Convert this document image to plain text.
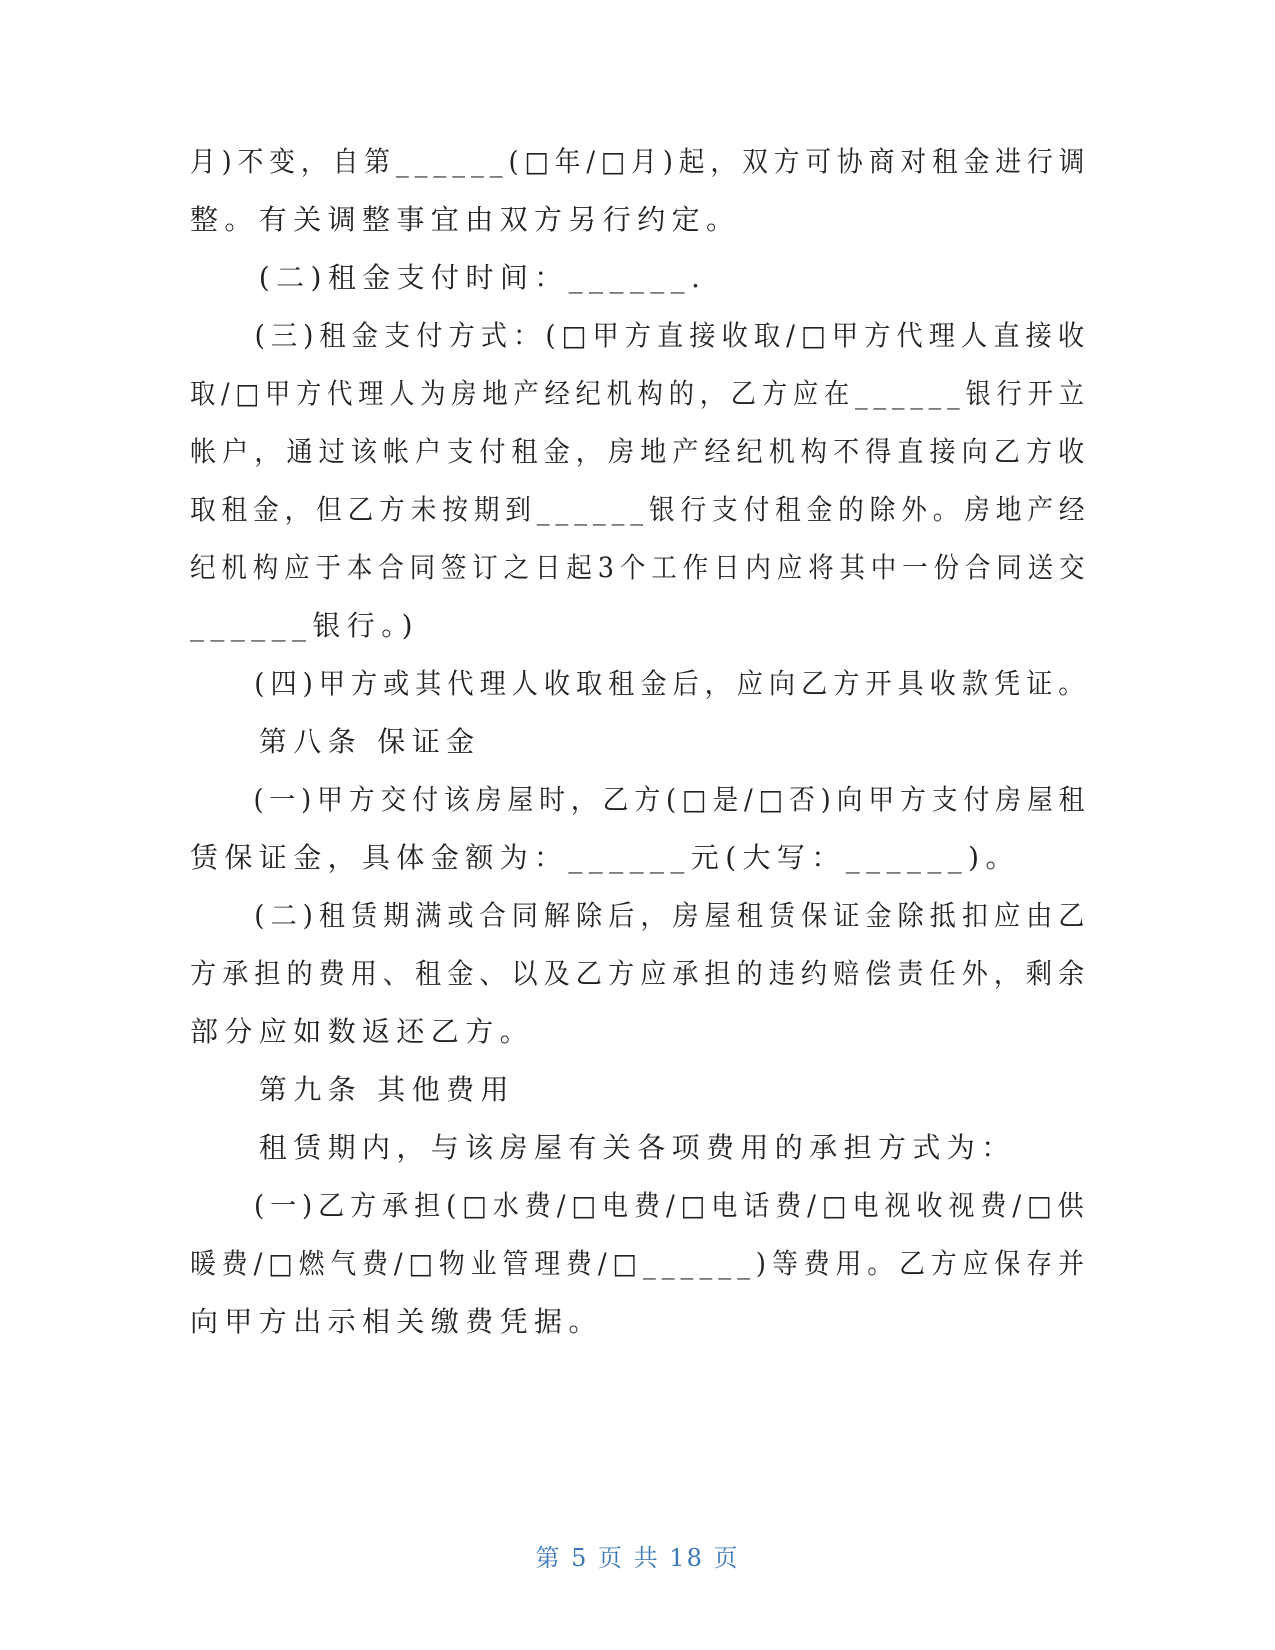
月)不变，自第______(□年/□月)起，双方可协商对租金进行调
整。有关调整事宜由双方另行约定。
　　(二)租金支付时间：______.
　　(三)租金支付方式：(□甲方直接收取/□甲方代理人直接收
取/□甲方代理人为房地产经纪机构的，乙方应在______银行开立
帐户，通过该帐户支付租金，房地产经纪机构不得直接向乙方收
取租金，但乙方未按期到______银行支付租金的除外。房地产经
纪机构应于本合同签订之日起3个工作日内应将其中一份合同送交
______银行。)
　　(四)甲方或其代理人收取租金后，应向乙方开具收款凭证。
　　第八条 保证金
　　(一)甲方交付该房屋时，乙方(□是/□否)向甲方支付房屋租
赁保证金，具体金额为：______元(大写：______)。
　　(二)租赁期满或合同解除后，房屋租赁保证金除抵扣应由乙
方承担的费用、租金、以及乙方应承担的违约赔偿责任外，剩余
部分应如数返还乙方。
　　第九条 其他费用
　　租赁期内，与该房屋有关各项费用的承担方式为：
　　(一)乙方承担(□水费/□电费/□电话费/□电视收视费/□供
暖费/□燃气费/□物业管理费/□______)等费用。乙方应保存并
向甲方出示相关缴费凭据。
第 5 页 共 18 页
